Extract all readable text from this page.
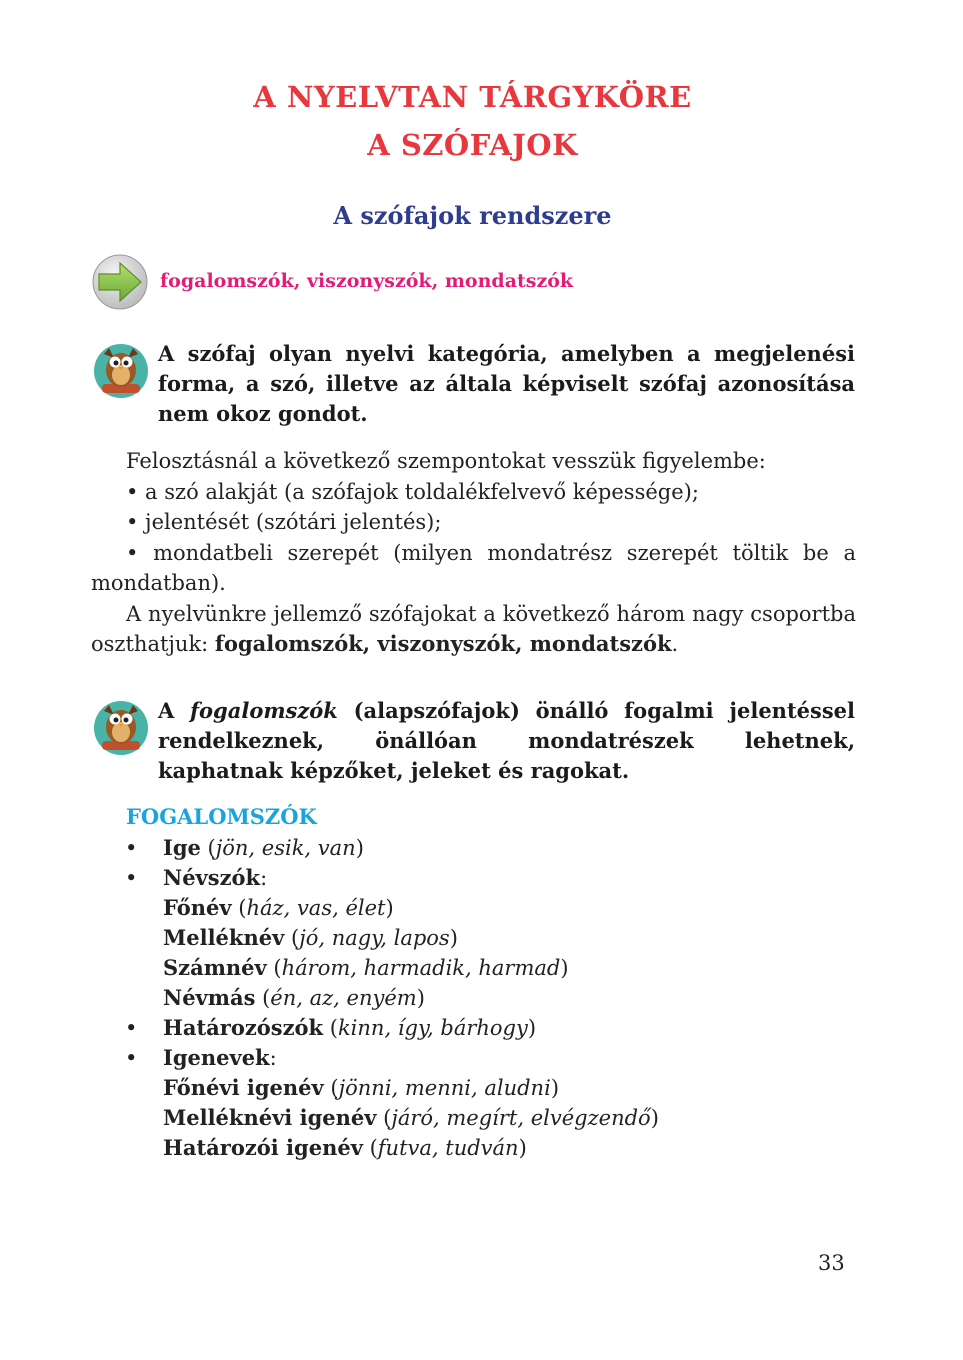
A NYELVTAN TÁRGYKÖRE
A SZÓFAJOK
A szófajok rendszere

fogalomszók, viszonyszók, mondatszók

A szófaj olyan nyelvi kategória, amelyben a megjelenési forma, a szó, illetve az általa képviselt szófaj azonosítása nem okoz gondot.

Felosztásnál a következő szempontokat vesszük figyelembe:

• a szó alakját (a szófajok toldalékfelvevő képessége);

• jelentését (szótári jelentés);

• mondatbeli szerepét (milyen mondatrész szerepét töltik be a mondatban).

A nyelvünkre jellemző szófajokat a következő három nagy csoportba oszthatjuk: fogalomszók, viszonyszók, mondatszók.

A fogalomszók (alapszófajok) önálló fogalmi jelentéssel rendelkeznek, önállóan mondatrészek lehetnek, kaphatnak képzőket, jeleket és ragokat.

FOGALOMSZÓK
• Ige (jön, esik, van)
• Névszók:
Főnév (ház, vas, élet)
Melléknév (jó, nagy, lapos)
Számnév (három, harmadik, harmad)
Névmás (én, az, enyém)
• Határozószók (kinn, így, bárhogy)
• Igenevek:
Főnévi igenév (jönni, menni, aludni)
Melléknévi igenév (járó, megírt, elvégzendő)
Határozói igenév (futva, tudván)

33
